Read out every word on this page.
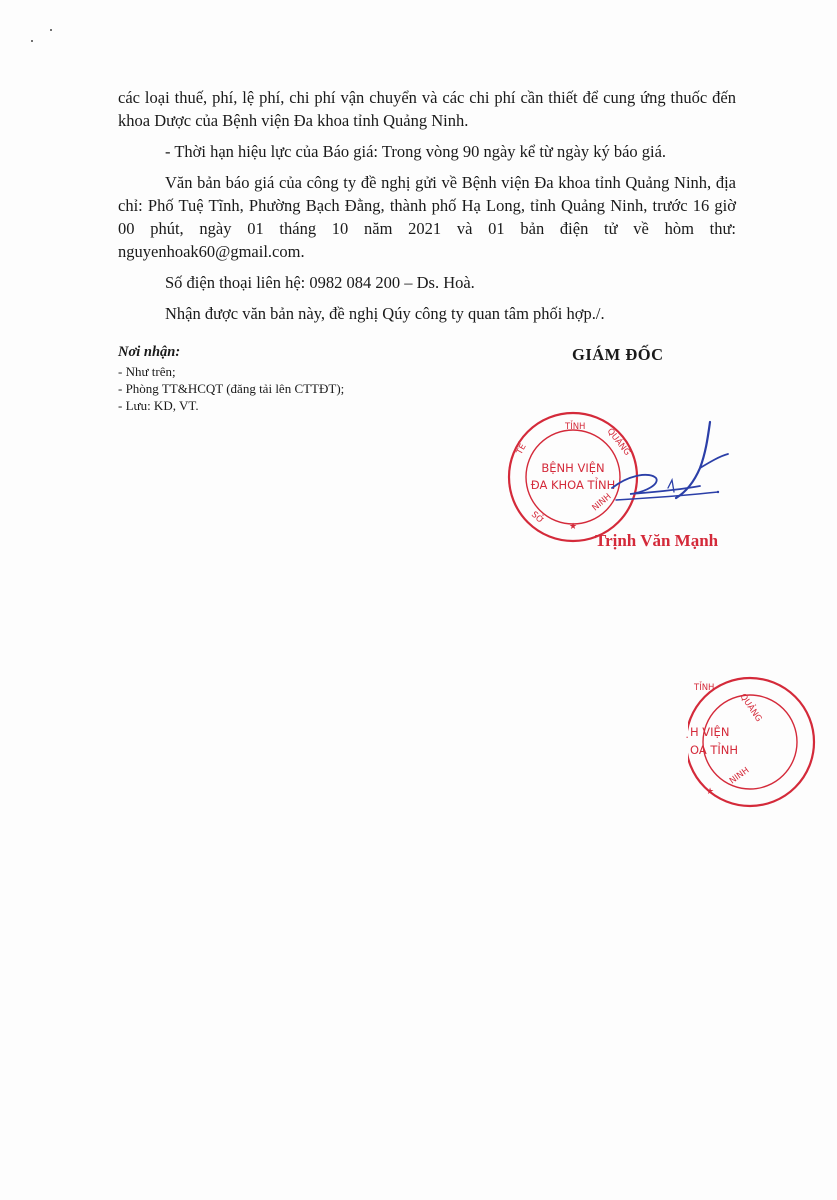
các loại thuế, phí, lệ phí, chi phí vận chuyển và các chi phí cần thiết để cung ứng thuốc đến khoa Dược của Bệnh viện Đa khoa tỉnh Quảng Ninh.

- Thời hạn hiệu lực của Báo giá: Trong vòng 90 ngày kể từ ngày ký báo giá.

Văn bản báo giá của công ty đề nghị gửi về Bệnh viện Đa khoa tỉnh Quảng Ninh, địa chỉ: Phố Tuệ Tĩnh, Phường Bạch Đằng, thành phố Hạ Long, tỉnh Quảng Ninh, trước 16 giờ 00 phút, ngày 01 tháng 10 năm 2021 và 01 bản điện tử về hòm thư: nguyenhoak60@gmail.com.

Số điện thoại liên hệ: 0982 084 200 – Ds. Hoà.

Nhận được văn bản này, đề nghị Qúy công ty quan tâm phối hợp./.

Nơi nhận:
- Như trên;
- Phòng TT&HCQT (đăng tải lên CTTĐT);
- Lưu: KD, VT.
GIÁM ĐỐC
TỈNH QUẢNG
TẾ
SỞ
NINH
★
BỆNH VIỆN
ĐA KHOA TỈNH
Trịnh Văn Mạnh
TỈNH
QUẢNG
NINH
★
̣H VIỆN
OA TỈNH
